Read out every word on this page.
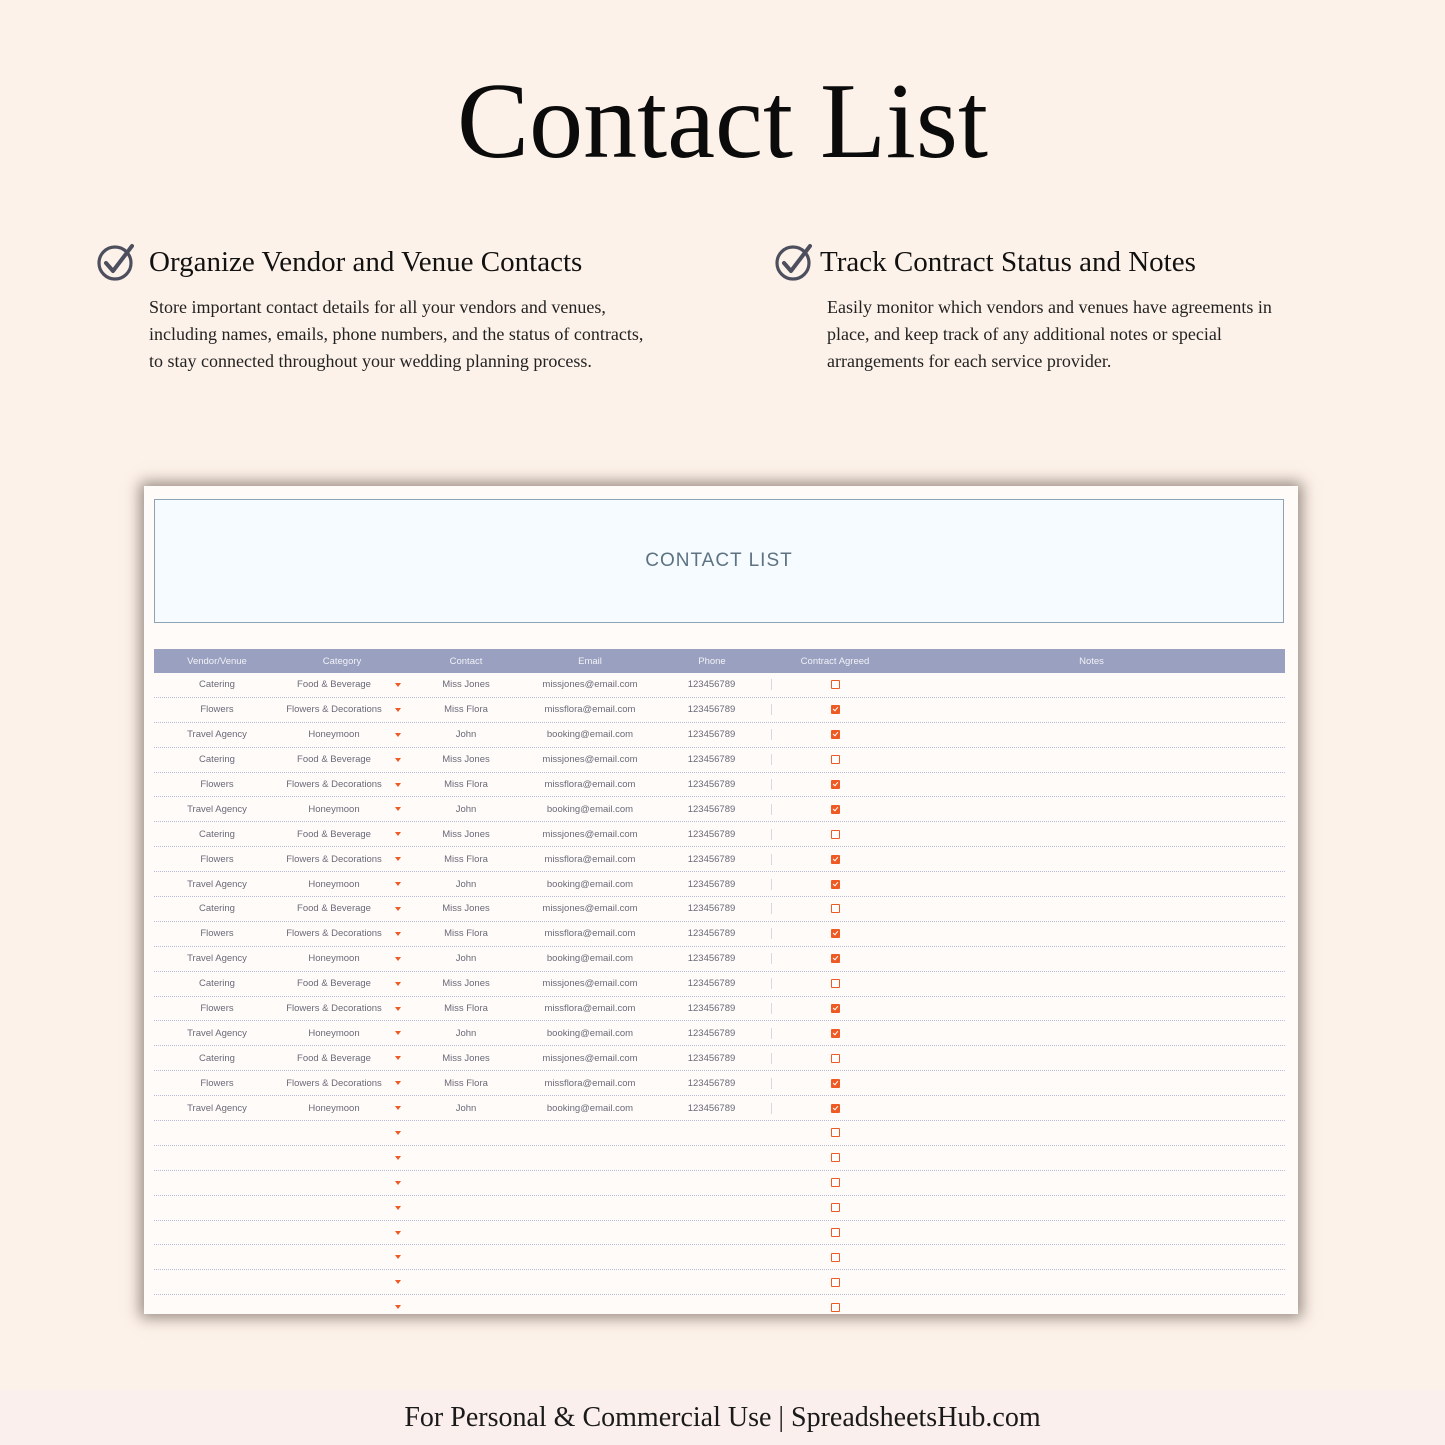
Contact List
Organize Vendor and Venue Contacts

Store important contact details for all your vendors and venues, including names, emails, phone numbers, and the status of contracts, to stay connected throughout your wedding planning process.

Track Contract Status and Notes

Easily monitor which vendors and venues have agreements in place, and keep track of any additional notes or special arrangements for each service provider.

CONTACT LIST
Vendor/Venue	Category	Contact	Email	Phone	Contract Agreed	Notes
Catering	Food & Beverage	Miss Jones	missjones@email.com	123456789
Flowers	Flowers & Decorations	Miss Flora	missflora@email.com	123456789
Travel Agency	Honeymoon	John	booking@email.com	123456789
Catering	Food & Beverage	Miss Jones	missjones@email.com	123456789
Flowers	Flowers & Decorations	Miss Flora	missflora@email.com	123456789
Travel Agency	Honeymoon	John	booking@email.com	123456789
Catering	Food & Beverage	Miss Jones	missjones@email.com	123456789
Flowers	Flowers & Decorations	Miss Flora	missflora@email.com	123456789
Travel Agency	Honeymoon	John	booking@email.com	123456789
Catering	Food & Beverage	Miss Jones	missjones@email.com	123456789
Flowers	Flowers & Decorations	Miss Flora	missflora@email.com	123456789
Travel Agency	Honeymoon	John	booking@email.com	123456789
Catering	Food & Beverage	Miss Jones	missjones@email.com	123456789
Flowers	Flowers & Decorations	Miss Flora	missflora@email.com	123456789
Travel Agency	Honeymoon	John	booking@email.com	123456789
Catering	Food & Beverage	Miss Jones	missjones@email.com	123456789
Flowers	Flowers & Decorations	Miss Flora	missflora@email.com	123456789
Travel Agency	Honeymoon	John	booking@email.com	123456789
For Personal & Commercial Use | SpreadsheetsHub.com
